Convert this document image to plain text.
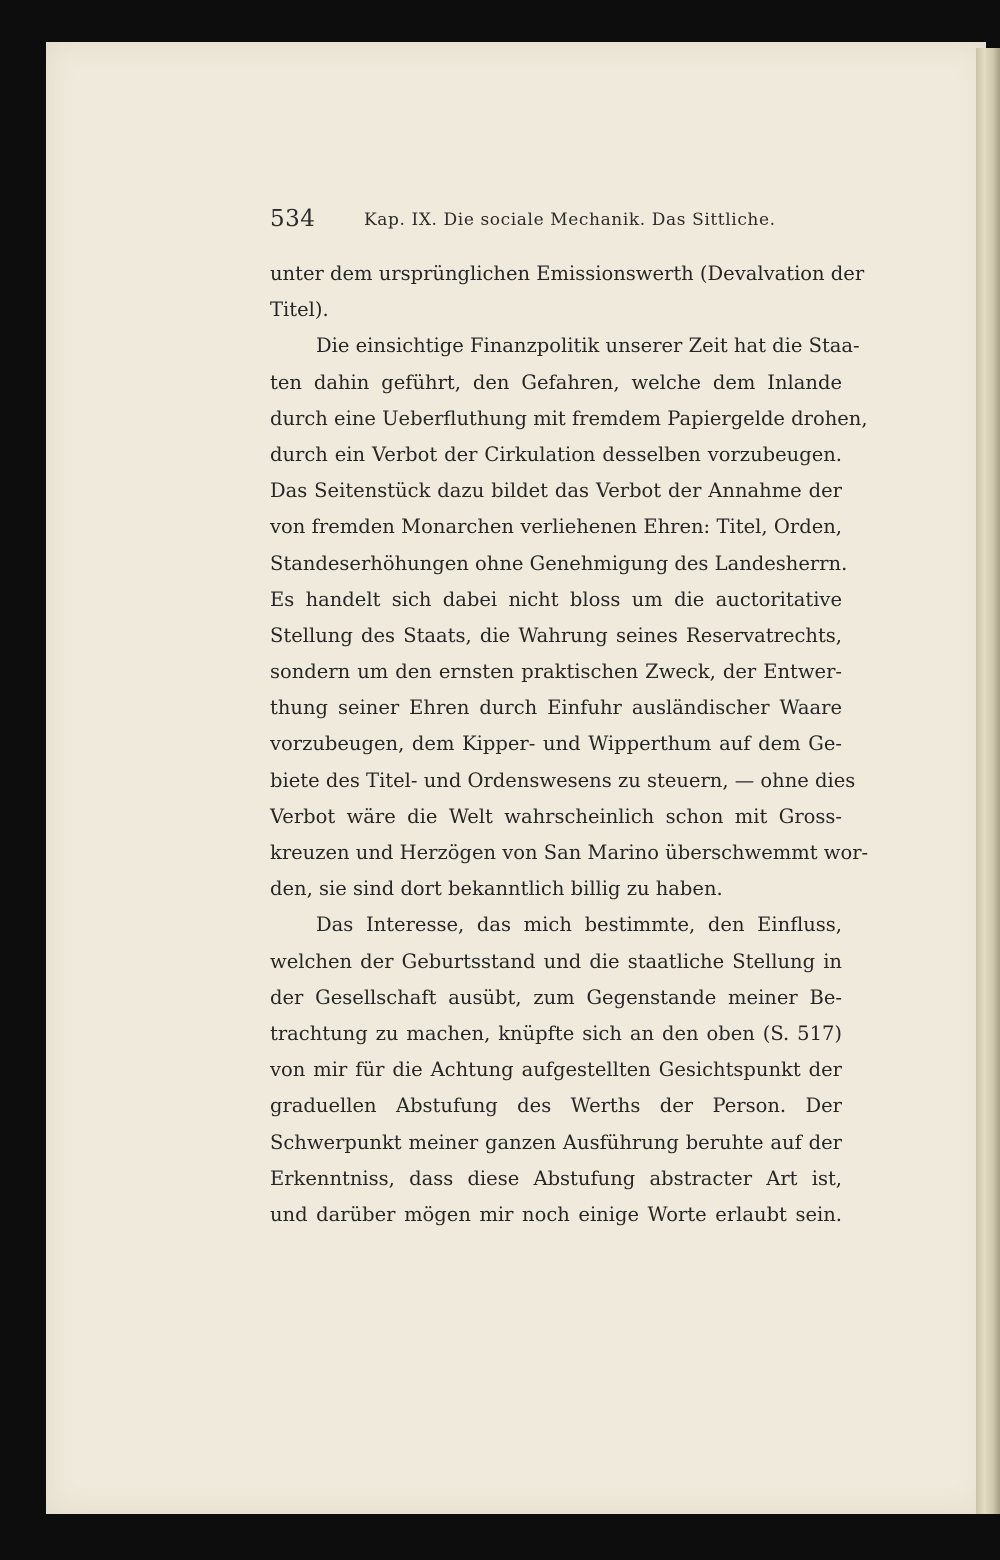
534	Kap. IX. Die sociale Mechanik. Das Sittliche.
unter dem ursprünglichen Emissionswerth (Devalvation der
Titel).
Die einsichtige Finanzpolitik unserer Zeit hat die Staa-
ten dahin geführt, den Gefahren, welche dem Inlande
durch eine Ueberfluthung mit fremdem Papiergelde drohen,
durch ein Verbot der Cirkulation desselben vorzubeugen.
Das Seitenstück dazu bildet das Verbot der Annahme der
von fremden Monarchen verliehenen Ehren: Titel, Orden,
Standeserhöhungen ohne Genehmigung des Landesherrn.
Es handelt sich dabei nicht bloss um die auctoritative
Stellung des Staats, die Wahrung seines Reservatrechts,
sondern um den ernsten praktischen Zweck, der Entwer-
thung seiner Ehren durch Einfuhr ausländischer Waare
vorzubeugen, dem Kipper- und Wipperthum auf dem Ge-
biete des Titel- und Ordenswesens zu steuern, — ohne dies
Verbot wäre die Welt wahrscheinlich schon mit Gross-
kreuzen und Herzögen von San Marino überschwemmt wor-
den, sie sind dort bekanntlich billig zu haben.
Das Interesse, das mich bestimmte, den Einfluss,
welchen der Geburtsstand und die staatliche Stellung in
der Gesellschaft ausübt, zum Gegenstande meiner Be-
trachtung zu machen, knüpfte sich an den oben (S. 517)
von mir für die Achtung aufgestellten Gesichtspunkt der
graduellen Abstufung des Werths der Person. Der
Schwerpunkt meiner ganzen Ausführung beruhte auf der
Erkenntniss, dass diese Abstufung abstracter Art ist,
und darüber mögen mir noch einige Worte erlaubt sein.
